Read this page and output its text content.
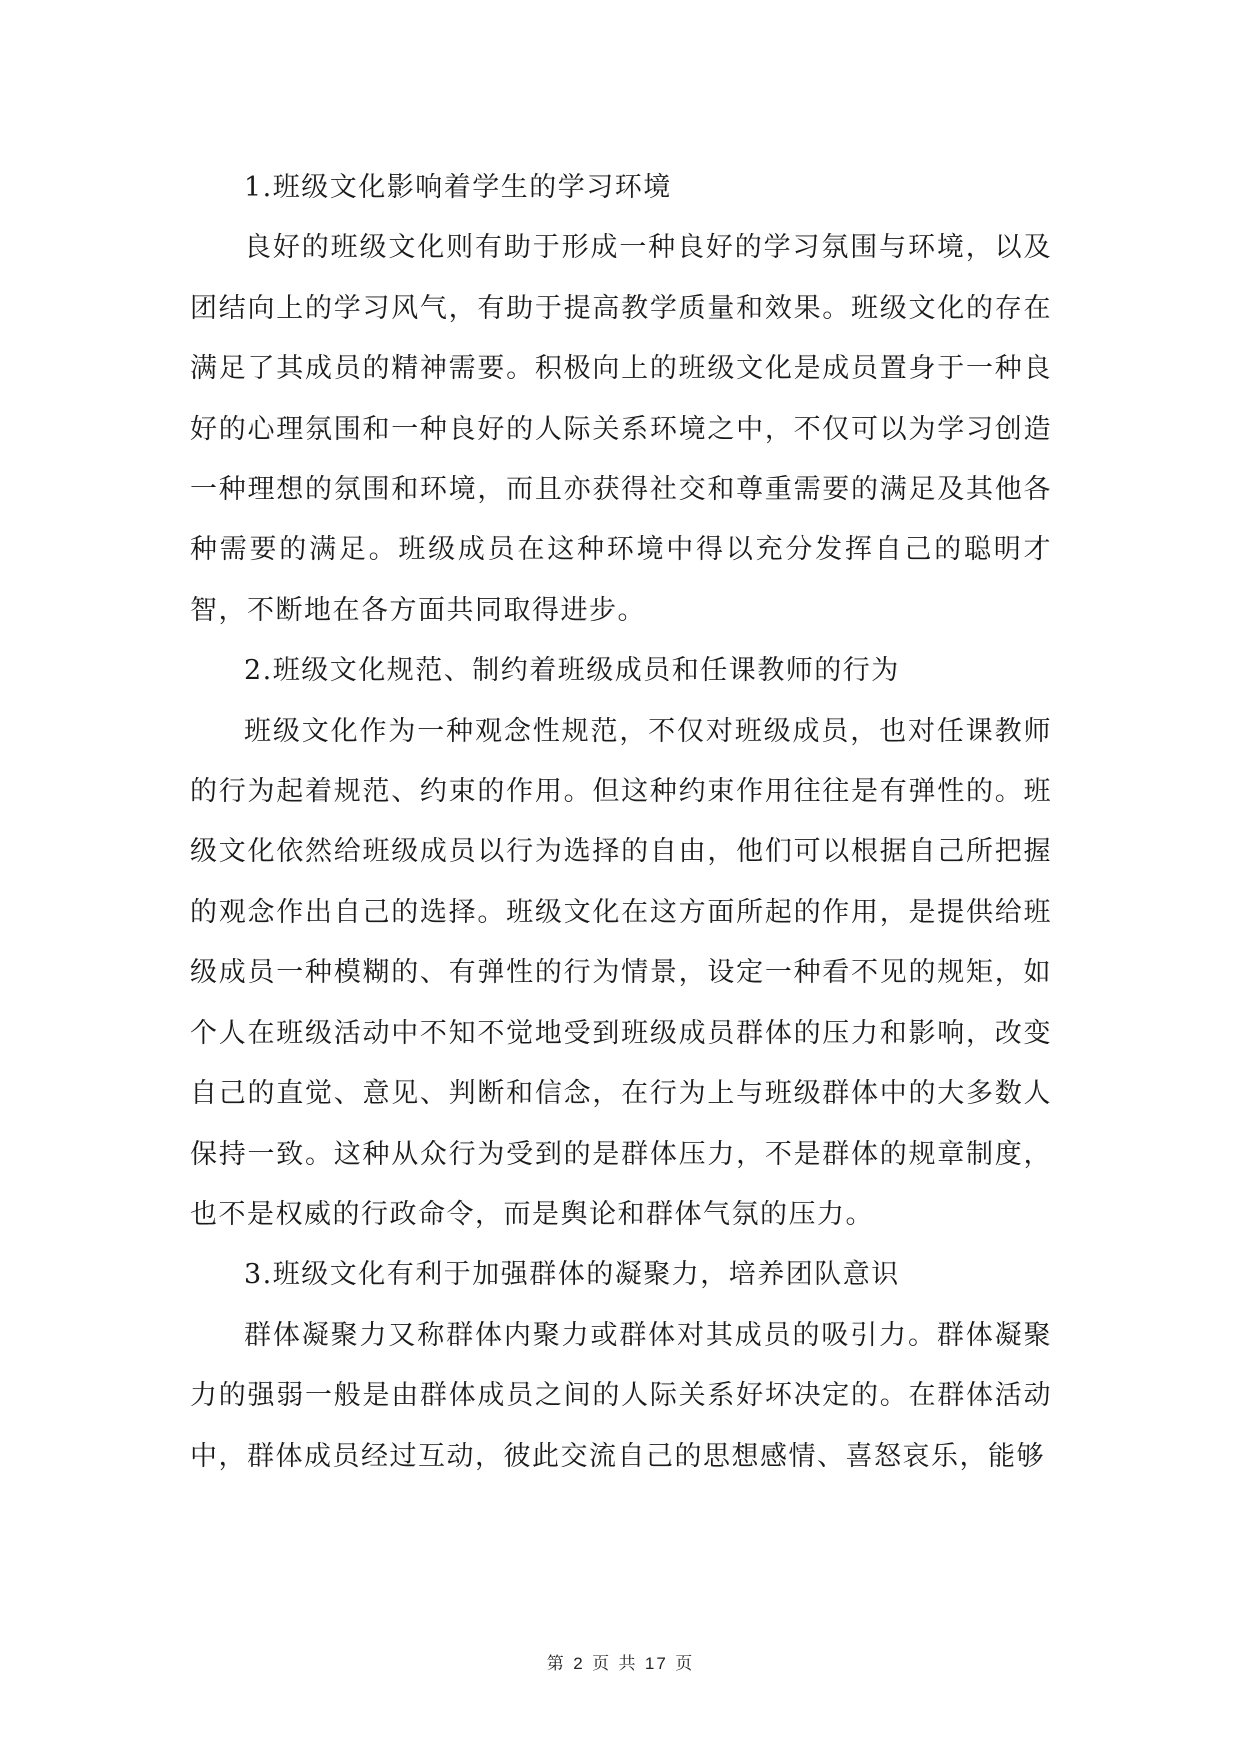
1.班级文化影响着学生的学习环境

良好的班级文化则有助于形成一种良好的学习氛围与环境，以及团结向上的学习风气，有助于提高教学质量和效果。班级文化的存在满足了其成员的精神需要。积极向上的班级文化是成员置身于一种良好的心理氛围和一种良好的人际关系环境之中，不仅可以为学习创造一种理想的氛围和环境，而且亦获得社交和尊重需要的满足及其他各种需要的满足。班级成员在这种环境中得以充分发挥自己的聪明才智，不断地在各方面共同取得进步。

2.班级文化规范、制约着班级成员和任课教师的行为

班级文化作为一种观念性规范，不仅对班级成员，也对任课教师的行为起着规范、约束的作用。但这种约束作用往往是有弹性的。班级文化依然给班级成员以行为选择的自由，他们可以根据自己所把握的观念作出自己的选择。班级文化在这方面所起的作用，是提供给班级成员一种模糊的、有弹性的行为情景，设定一种看不见的规矩，如个人在班级活动中不知不觉地受到班级成员群体的压力和影响，改变自己的直觉、意见、判断和信念，在行为上与班级群体中的大多数人保持一致。这种从众行为受到的是群体压力，不是群体的规章制度，也不是权威的行政命令，而是舆论和群体气氛的压力。

3.班级文化有利于加强群体的凝聚力，培养团队意识

群体凝聚力又称群体内聚力或群体对其成员的吸引力。群体凝聚力的强弱一般是由群体成员之间的人际关系好坏决定的。在群体活动中，群体成员经过互动，彼此交流自己的思想感情、喜怒哀乐，能够

第 2 页 共 17 页
